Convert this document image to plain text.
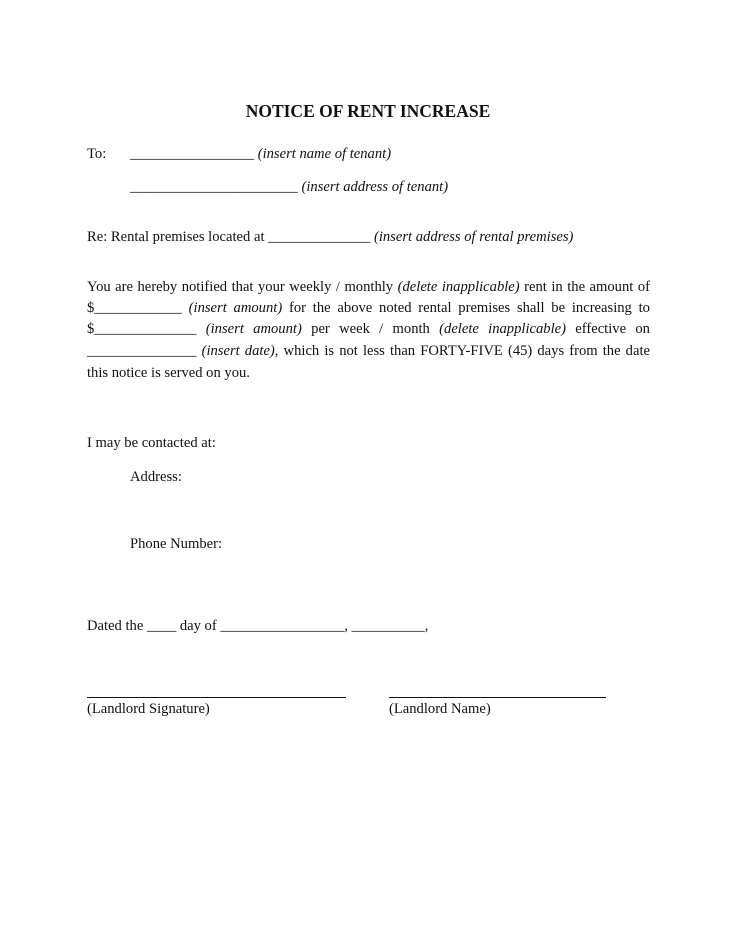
NOTICE OF RENT INCREASE
To: _________________ (insert name of tenant)
_______________________ (insert address of tenant)
Re: Rental premises located at ______________ (insert address of rental premises)
You are hereby notified that your weekly / monthly (delete inapplicable) rent in the amount of
$____________ (insert amount) for the above noted rental premises shall be increasing to
$______________ (insert amount) per week / month (delete inapplicable) effective on
_______________ (insert date), which is not less than FORTY-FIVE (45) days from the date
this notice is served on you.
I may be contacted at:
Address:
Phone Number:
Dated the ____ day of _________________, __________,
(Landlord Signature)	(Landlord Name)
